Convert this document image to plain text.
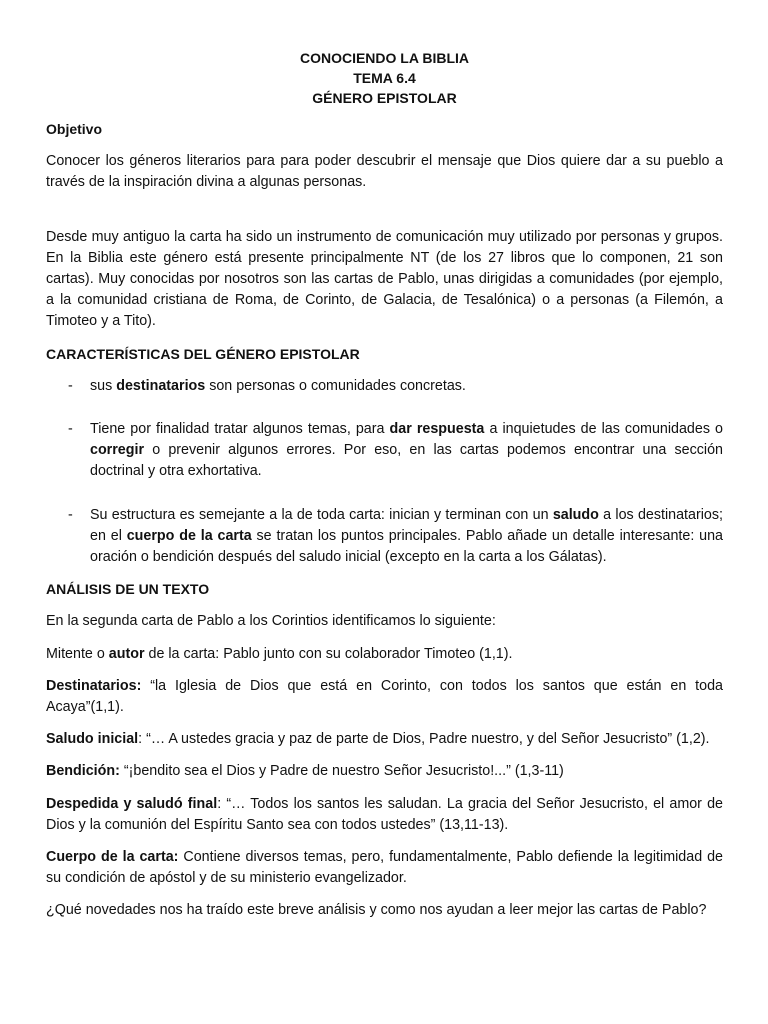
CONOCIENDO LA BIBLIA
TEMA 6.4
GÉNERO EPISTOLAR
Objetivo

Conocer los géneros literarios para para poder descubrir el mensaje que Dios quiere dar a su pueblo a través de la inspiración divina a algunas personas.

Desde muy antiguo la carta ha sido un instrumento de comunicación muy utilizado por personas y grupos. En la Biblia este género está presente principalmente NT (de los 27 libros que lo componen, 21 son cartas). Muy conocidas por nosotros son las cartas de Pablo, unas dirigidas a comunidades (por ejemplo, a la comunidad cristiana de Roma, de Corinto, de Galacia, de Tesalónica) o a personas (a Filemón, a Timoteo y a Tito).

CARACTERÍSTICAS DEL GÉNERO EPISTOLAR
- sus destinatarios son personas o comunidades concretas.
- Tiene por finalidad tratar algunos temas, para dar respuesta a inquietudes de las comunidades o corregir o prevenir algunos errores. Por eso, en las cartas podemos encontrar una sección doctrinal y otra exhortativa.
- Su estructura es semejante a la de toda carta: inician y terminan con un saludo a los destinatarios; en el cuerpo de la carta se tratan los puntos principales. Pablo añade un detalle interesante: una oración o bendición después del saludo inicial (excepto en la carta a los Gálatas).
ANÁLISIS DE UN TEXTO

En la segunda carta de Pablo a los Corintios identificamos lo siguiente:

Mitente o autor de la carta: Pablo junto con su colaborador Timoteo (1,1).

Destinatarios: “la Iglesia de Dios que está en Corinto, con todos los santos que están en toda Acaya”(1,1).

Saludo inicial: “… A ustedes gracia y paz de parte de Dios, Padre nuestro, y del Señor Jesucristo” (1,2).

Bendición: “¡bendito sea el Dios y Padre de nuestro Señor Jesucristo!...” (1,3-11)

Despedida y saludó final: “… Todos los santos les saludan. La gracia del Señor Jesucristo, el amor de Dios y la comunión del Espíritu Santo sea con todos ustedes” (13,11-13).

Cuerpo de la carta: Contiene diversos temas, pero, fundamentalmente, Pablo defiende la legitimidad de su condición de apóstol y de su ministerio evangelizador.

¿Qué novedades nos ha traído este breve análisis y como nos ayudan a leer mejor las cartas de Pablo?
